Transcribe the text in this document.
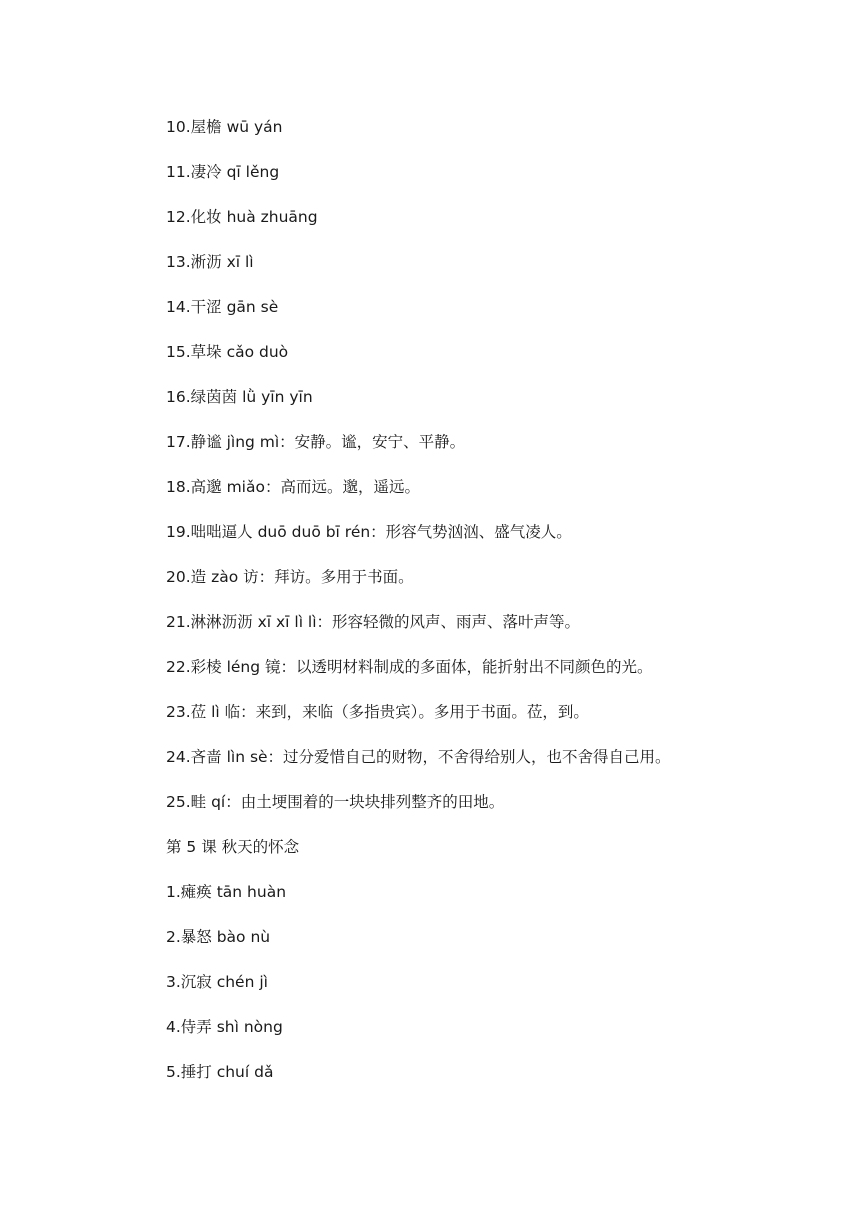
10.屋檐 wū yán
11.凄冷 qī lěng
12.化妆 huà zhuāng
13.淅沥 xī lì
14.干涩 gān sè
15.草垛 cǎo duò
16.绿茵茵 lǜ yīn yīn
17.静谧 jìng mì：安静。谧，安宁、平静。
18.高邈 miǎo：高而远。邈，遥远。
19.咄咄逼人 duō duō bī rén：形容气势汹汹、盛气凌人。
20.造 zào 访：拜访。多用于书面。
21.淋淋沥沥 xī xī lì lì：形容轻微的风声、雨声、落叶声等。
22.彩棱 léng 镜：以透明材料制成的多面体，能折射出不同颜色的光。
23.莅 lì 临：来到，来临（多指贵宾）。多用于书面。莅，到。
24.吝啬 lìn sè：过分爱惜自己的财物，不舍得给别人，也不舍得自己用。
25.畦 qí：由土埂围着的一块块排列整齐的田地。
第 5 课 秋天的怀念
1.瘫痪 tān huàn
2.暴怒 bào nù
3.沉寂 chén jì
4.侍弄 shì nòng
5.捶打 chuí dǎ
